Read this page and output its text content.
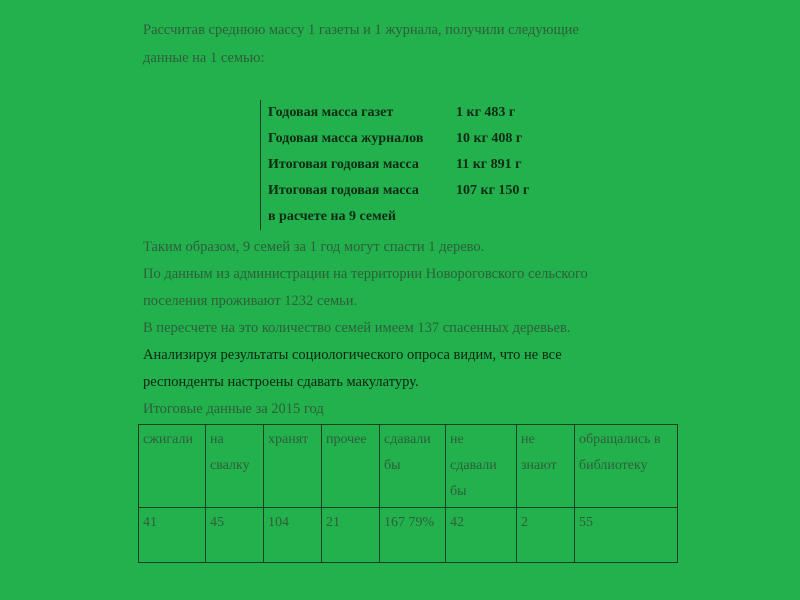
Рассчитав среднюю массу 1 газеты и 1 журнала, получили следующие
данные на 1 семью:
Годовая масса газет	1 кг 483 г
Годовая масса журналов 10 кг 408 г
Итоговая годовая масса	11 кг 891 г
Итоговая годовая масса	107 кг 150 г
в расчете на 9 семей
Таким образом, 9 семей за 1 год могут спасти 1 дерево.
По данным из администрации на территории Новороговского сельского
поселения проживают 1232 семьи.
В пересчете на это количество семей имеем 137 спасенных деревьев.
Анализируя результаты социологического опроса видим, что не все
респонденты настроены сдавать макулатуру.
Итоговые данные за 2015 год
сжигали	на свалку	хранят	прочее	сдавали бы	не сдавали бы	не знают	обращались в библиотеку
41	45	104	21	167 79%	42	2	55
